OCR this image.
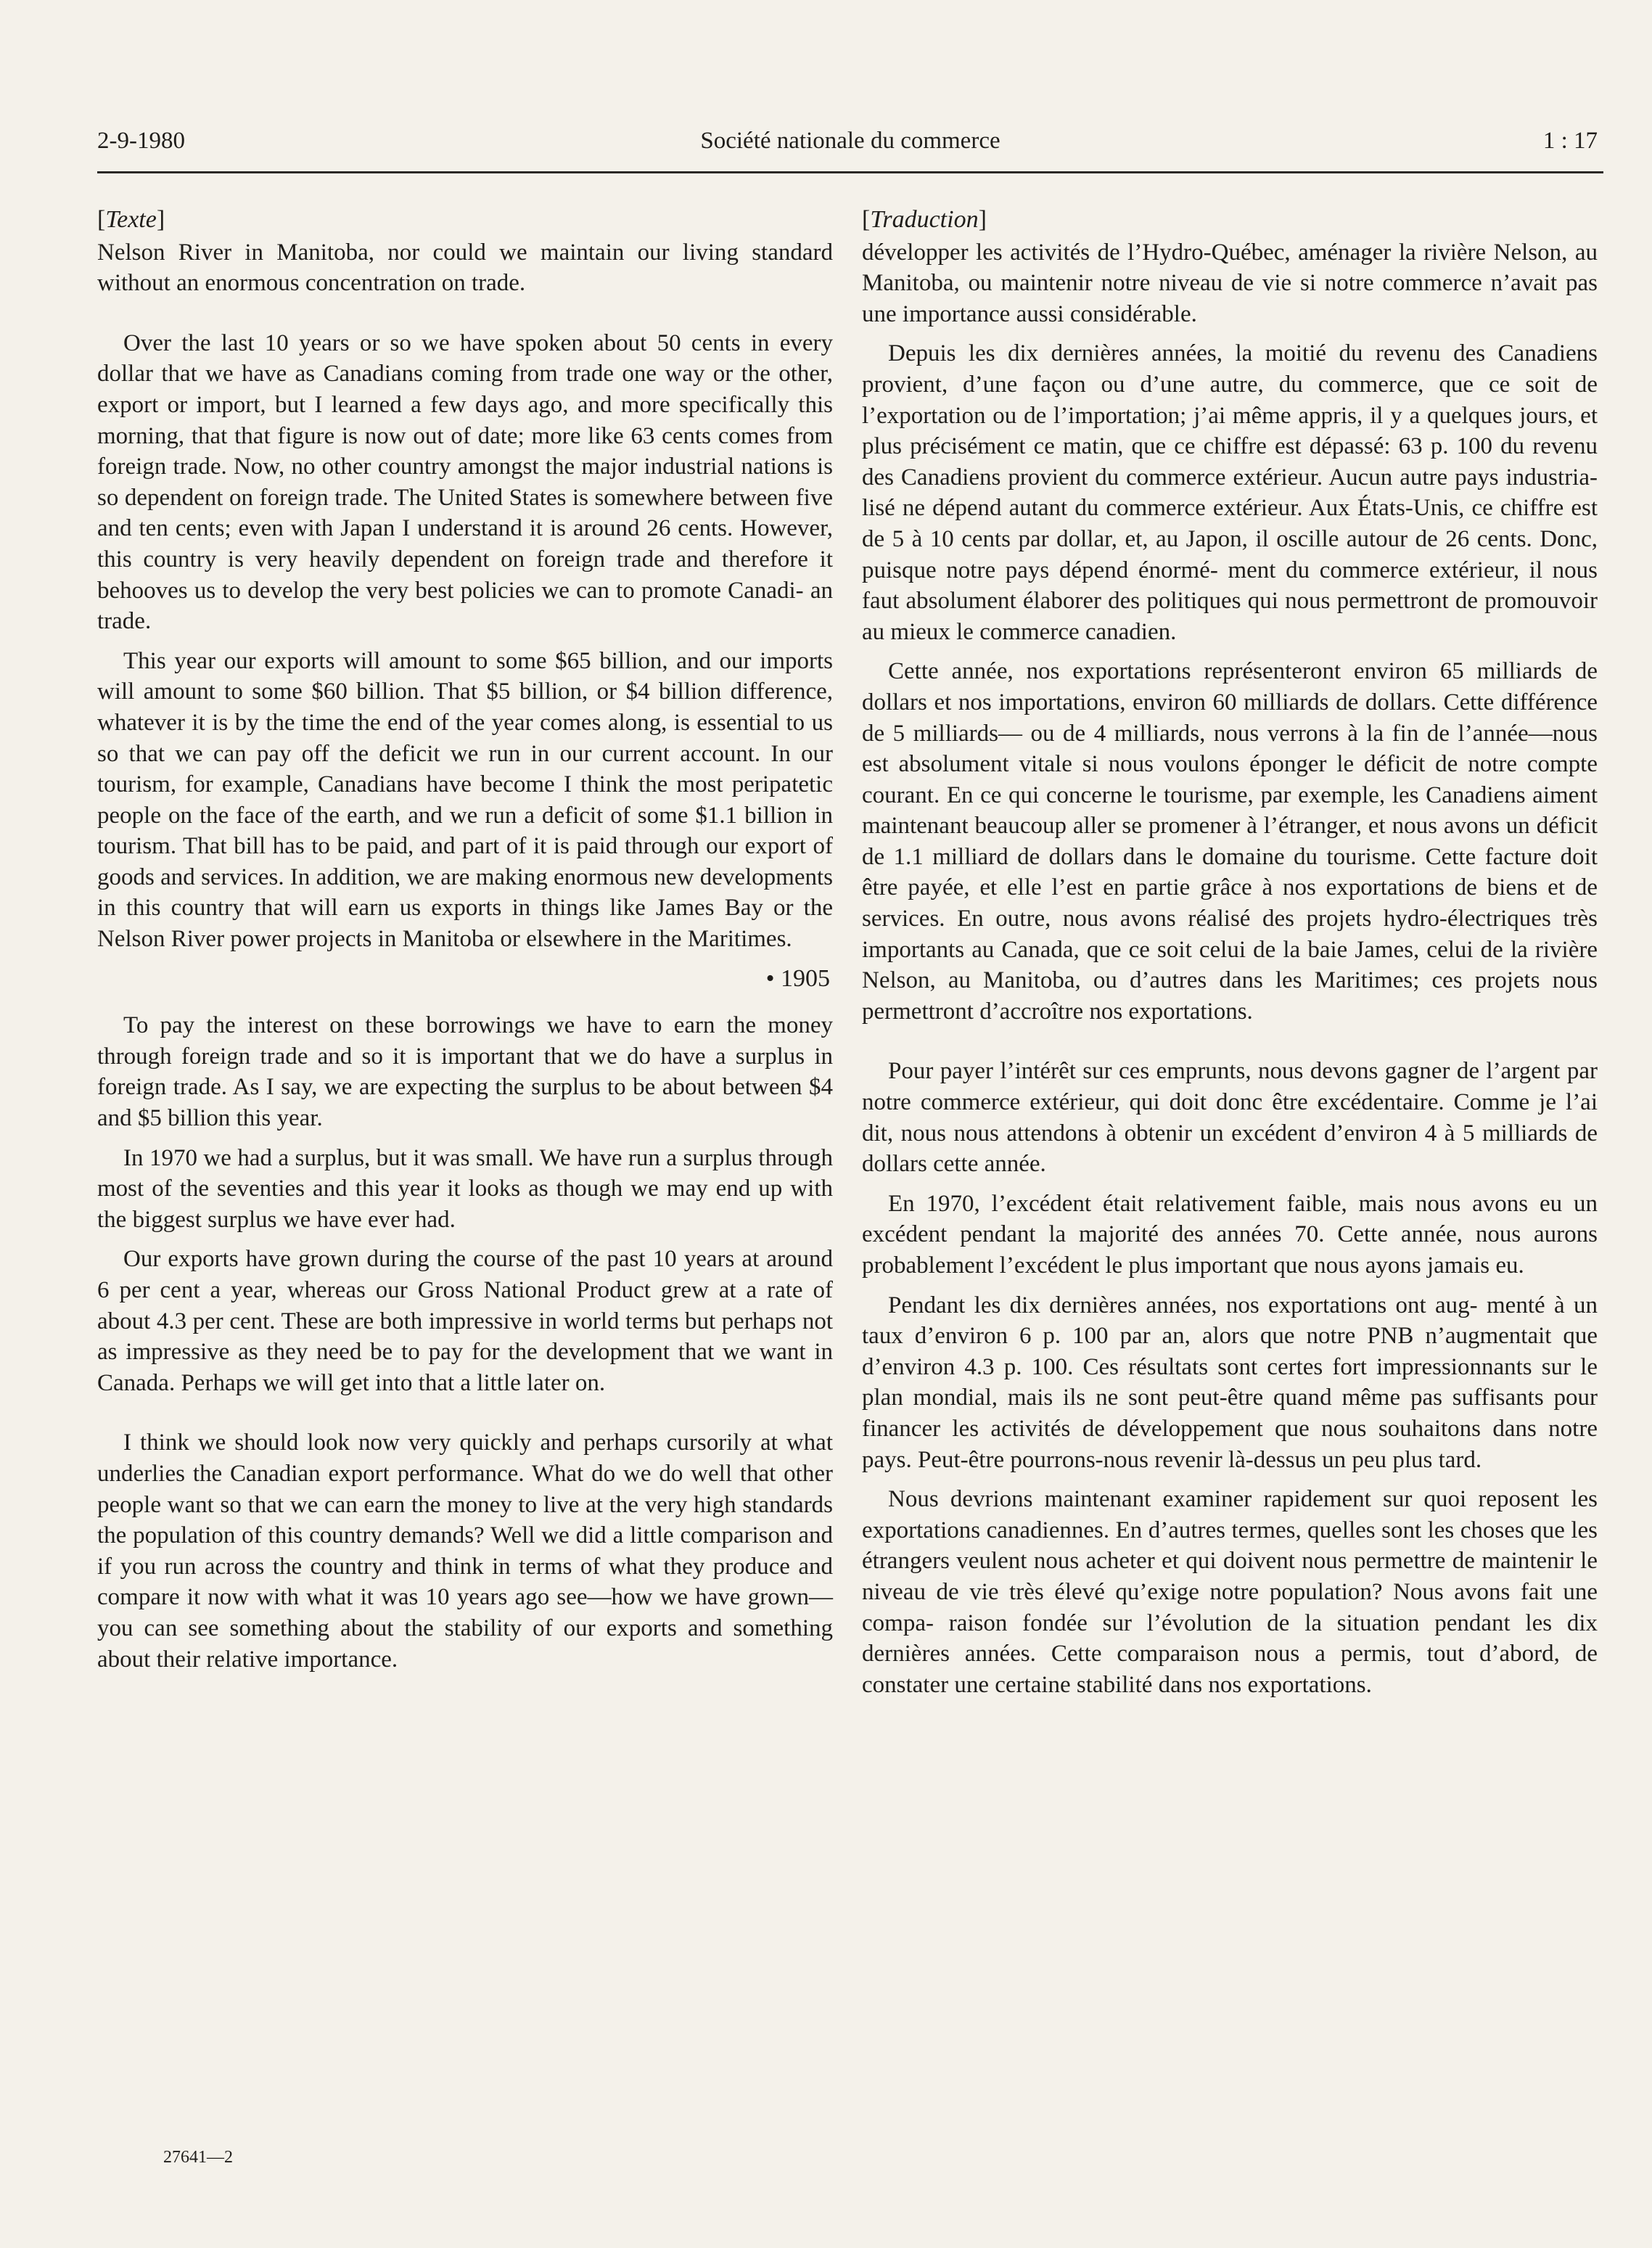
2-9-1980	Société nationale du commerce	1 : 17
[Texte]

Nelson River in Manitoba, nor could we maintain our living standard without an enormous concentration on trade.

Over the last 10 years or so we have spoken about 50 cents in every dollar that we have as Canadians coming from trade one way or the other, export or import, but I learned a few days ago, and more specifically this morning, that that figure is now out of date; more like 63 cents comes from foreign trade. Now, no other country amongst the major industrial nations is so dependent on foreign trade. The United States is somewhere between five and ten cents; even with Japan I understand it is around 26 cents. However, this country is very heavily dependent on foreign trade and therefore it behooves us to develop the very best policies we can to promote Canadi- an trade.

This year our exports will amount to some $65 billion, and our imports will amount to some $60 billion. That $5 billion, or $4 billion difference, whatever it is by the time the end of the year comes along, is essential to us so that we can pay off the deficit we run in our current account. In our tourism, for example, Canadians have become I think the most peripatetic people on the face of the earth, and we run a deficit of some $1.1 billion in tourism. That bill has to be paid, and part of it is paid through our export of goods and services. In addition, we are making enormous new developments in this country that will earn us exports in things like James Bay or the Nelson River power projects in Manitoba or elsewhere in the Maritimes.

• 1905

To pay the interest on these borrowings we have to earn the money through foreign trade and so it is important that we do have a surplus in foreign trade. As I say, we are expecting the surplus to be about between $4 and $5 billion this year.

In 1970 we had a surplus, but it was small. We have run a surplus through most of the seventies and this year it looks as though we may end up with the biggest surplus we have ever had.

Our exports have grown during the course of the past 10 years at around 6 per cent a year, whereas our Gross National Product grew at a rate of about 4.3 per cent. These are both impressive in world terms but perhaps not as impressive as they need be to pay for the development that we want in Canada. Perhaps we will get into that a little later on.

I think we should look now very quickly and perhaps cursorily at what underlies the Canadian export performance. What do we do well that other people want so that we can earn the money to live at the very high standards the population of this country demands? Well we did a little comparison and if you run across the country and think in terms of what they produce and compare it now with what it was 10 years ago see—how we have grown—you can see something about the stability of our exports and something about their relative importance.

[Traduction]

développer les activités de l’Hydro-Québec, aménager la rivière Nelson, au Manitoba, ou maintenir notre niveau de vie si notre commerce n’avait pas une importance aussi considérable.

Depuis les dix dernières années, la moitié du revenu des Canadiens provient, d’une façon ou d’une autre, du commerce, que ce soit de l’exportation ou de l’importation; j’ai même appris, il y a quelques jours, et plus précisément ce matin, que ce chiffre est dépassé: 63 p. 100 du revenu des Canadiens provient du commerce extérieur. Aucun autre pays industria- lisé ne dépend autant du commerce extérieur. Aux États-Unis, ce chiffre est de 5 à 10 cents par dollar, et, au Japon, il oscille autour de 26 cents. Donc, puisque notre pays dépend énormé- ment du commerce extérieur, il nous faut absolument élaborer des politiques qui nous permettront de promouvoir au mieux le commerce canadien.

Cette année, nos exportations représenteront environ 65 milliards de dollars et nos importations, environ 60 milliards de dollars. Cette différence de 5 milliards— ou de 4 milliards, nous verrons à la fin de l’année—nous est absolument vitale si nous voulons éponger le déficit de notre compte courant. En ce qui concerne le tourisme, par exemple, les Canadiens aiment maintenant beaucoup aller se promener à l’étranger, et nous avons un déficit de 1.1 milliard de dollars dans le domaine du tourisme. Cette facture doit être payée, et elle l’est en partie grâce à nos exportations de biens et de services. En outre, nous avons réalisé des projets hydro-électriques très importants au Canada, que ce soit celui de la baie James, celui de la rivière Nelson, au Manitoba, ou d’autres dans les Maritimes; ces projets nous permettront d’accroître nos exportations.

Pour payer l’intérêt sur ces emprunts, nous devons gagner de l’argent par notre commerce extérieur, qui doit donc être excédentaire. Comme je l’ai dit, nous nous attendons à obtenir un excédent d’environ 4 à 5 milliards de dollars cette année.

En 1970, l’excédent était relativement faible, mais nous avons eu un excédent pendant la majorité des années 70. Cette année, nous aurons probablement l’excédent le plus important que nous ayons jamais eu.

Pendant les dix dernières années, nos exportations ont aug- menté à un taux d’environ 6 p. 100 par an, alors que notre PNB n’augmentait que d’environ 4.3 p. 100. Ces résultats sont certes fort impressionnants sur le plan mondial, mais ils ne sont peut-être quand même pas suffisants pour financer les activités de développement que nous souhaitons dans notre pays. Peut-être pourrons-nous revenir là-dessus un peu plus tard.

Nous devrions maintenant examiner rapidement sur quoi reposent les exportations canadiennes. En d’autres termes, quelles sont les choses que les étrangers veulent nous acheter et qui doivent nous permettre de maintenir le niveau de vie très élevé qu’exige notre population? Nous avons fait une compa- raison fondée sur l’évolution de la situation pendant les dix dernières années. Cette comparaison nous a permis, tout d’abord, de constater une certaine stabilité dans nos exportations.

27641—2
